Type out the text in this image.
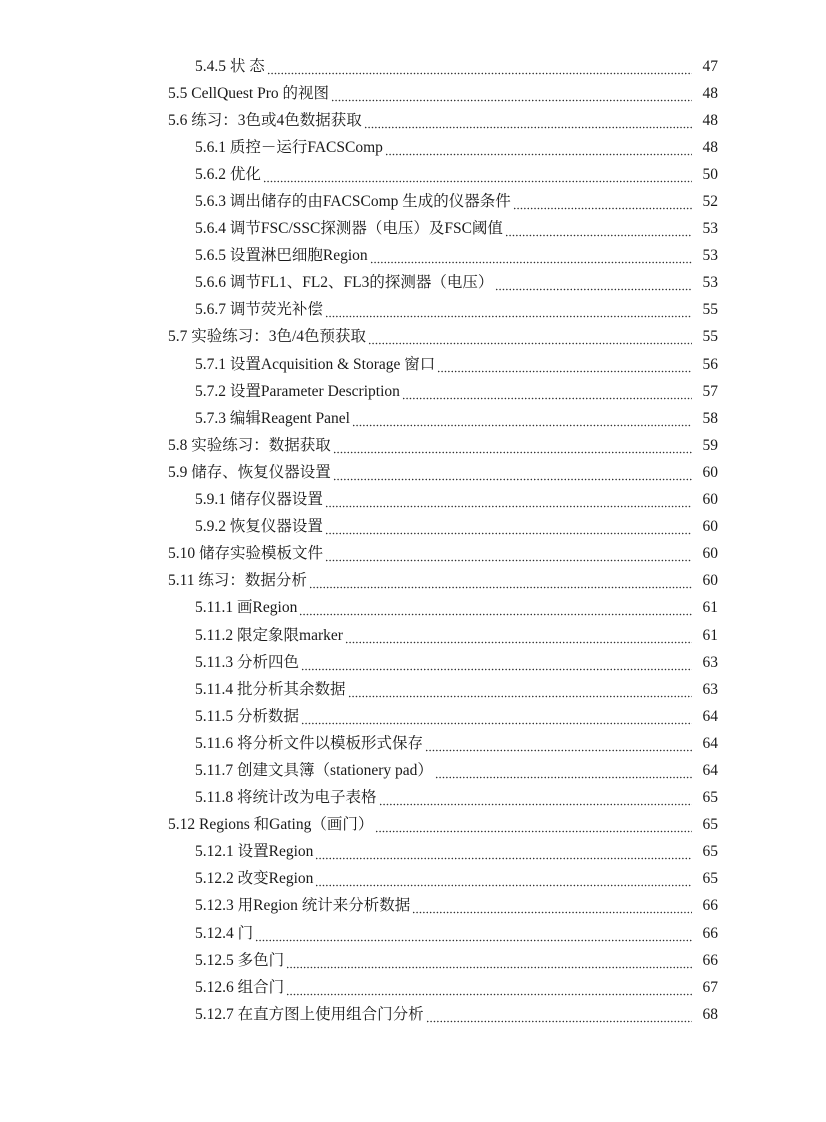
5.4.5 状 态	47
5.5 CellQuest Pro 的视图	48
5.6 练习：3色或4色数据获取	48
5.6.1 质控－运行FACSComp	48
5.6.2 优化	50
5.6.3 调出储存的由FACSComp 生成的仪器条件	52
5.6.4 调节FSC/SSC探测器（电压）及FSC阈值	53
5.6.5 设置淋巴细胞Region	53
5.6.6 调节FL1、FL2、FL3的探测器（电压）	53
5.6.7 调节荧光补偿	55
5.7 实验练习：3色/4色预获取	55
5.7.1 设置Acquisition & Storage 窗口	56
5.7.2 设置Parameter Description	57
5.7.3 编辑Reagent Panel	58
5.8 实验练习：数据获取	59
5.9 储存、恢复仪器设置	60
5.9.1 储存仪器设置	60
5.9.2 恢复仪器设置	60
5.10 储存实验模板文件	60
5.11 练习：数据分析	60
5.11.1 画Region	61
5.11.2 限定象限marker	61
5.11.3 分析四色	63
5.11.4 批分析其余数据	63
5.11.5 分析数据	64
5.11.6 将分析文件以模板形式保存	64
5.11.7 创建文具簿（stationery pad）	64
5.11.8 将统计改为电子表格	65
5.12 Regions 和Gating（画门）	65
5.12.1 设置Region	65
5.12.2 改变Region	65
5.12.3 用Region 统计来分析数据	66
5.12.4 门	66
5.12.5 多色门	66
5.12.6 组合门	67
5.12.7 在直方图上使用组合门分析	68
